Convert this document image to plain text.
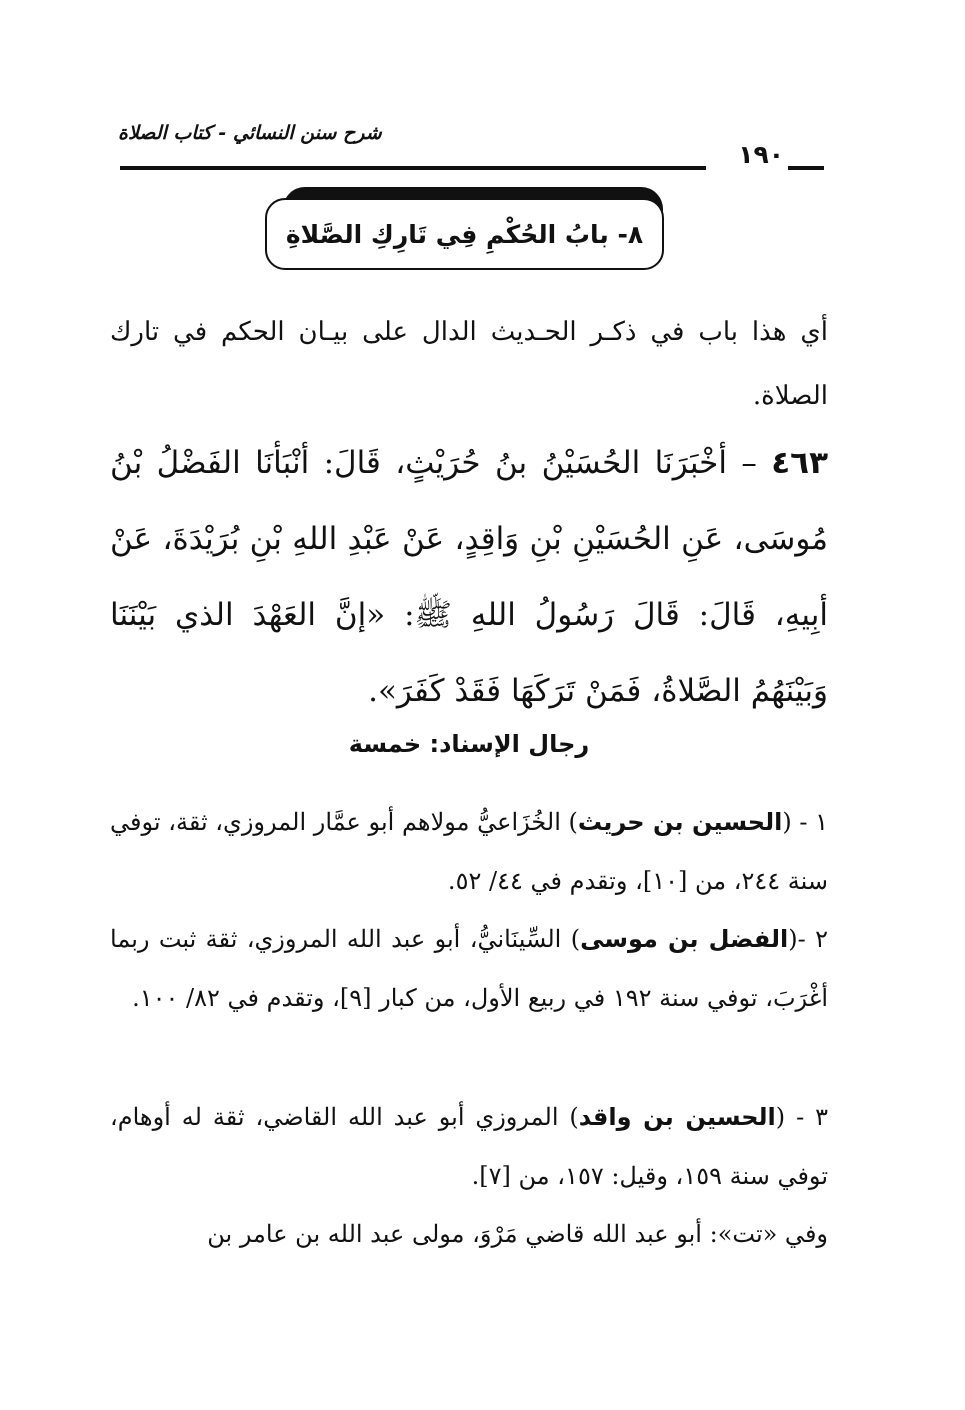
شرح سنن النسائي - كتاب الصلاة
١٩٠
٨- بابُ الحُكْمِ فِي تَارِكِ الصَّلاةِ
أي هذا باب في ذكـر الحـديث الدال على بيـان الحكم في تارك الصلاة.
٤٦٣ – أخْبَرَنَا الحُسَيْنُ بنُ حُرَيْثٍ، قَالَ: أنْبَأنَا الفَضْلُ بْنُ مُوسَى، عَنِ الحُسَيْنِ بْنِ وَاقِدٍ، عَنْ عَبْدِ اللهِ بْنِ بُرَيْدَةَ، عَنْ أبِيهِ، قَالَ: قَالَ رَسُولُ اللهِ ﷺ: «إنَّ العَهْدَ الذي بَيْنَنَا وَبَيْنَهُمُ الصَّلاةُ، فَمَنْ تَرَكَهَا فَقَدْ كَفَرَ».
رجال الإسناد: خمسة
١ - (الحسين بن حريث) الخُزَاعيُّ مولاهم أبو عمَّار المروزي، ثقة، توفي سنة ٢٤٤، من [١٠]، وتقدم في ٤٤/ ٥٢.
٢ -(الفضل بن موسى) السِّينَانيُّ، أبو عبد الله المروزي، ثقة ثبت ربما أغْرَبَ، توفي سنة ١٩٢ في ربيع الأول، من كبار [٩]، وتقدم في ٨٢/ ١٠٠.
٣ - (الحسين بن واقد) المروزي أبو عبد الله القاضي، ثقة له أوهام، توفي سنة ١٥٩، وقيل: ١٥٧، من [٧].
وفي «تت»: أبو عبد الله قاضي مَرْوَ، مولى عبد الله بن عامر بن
